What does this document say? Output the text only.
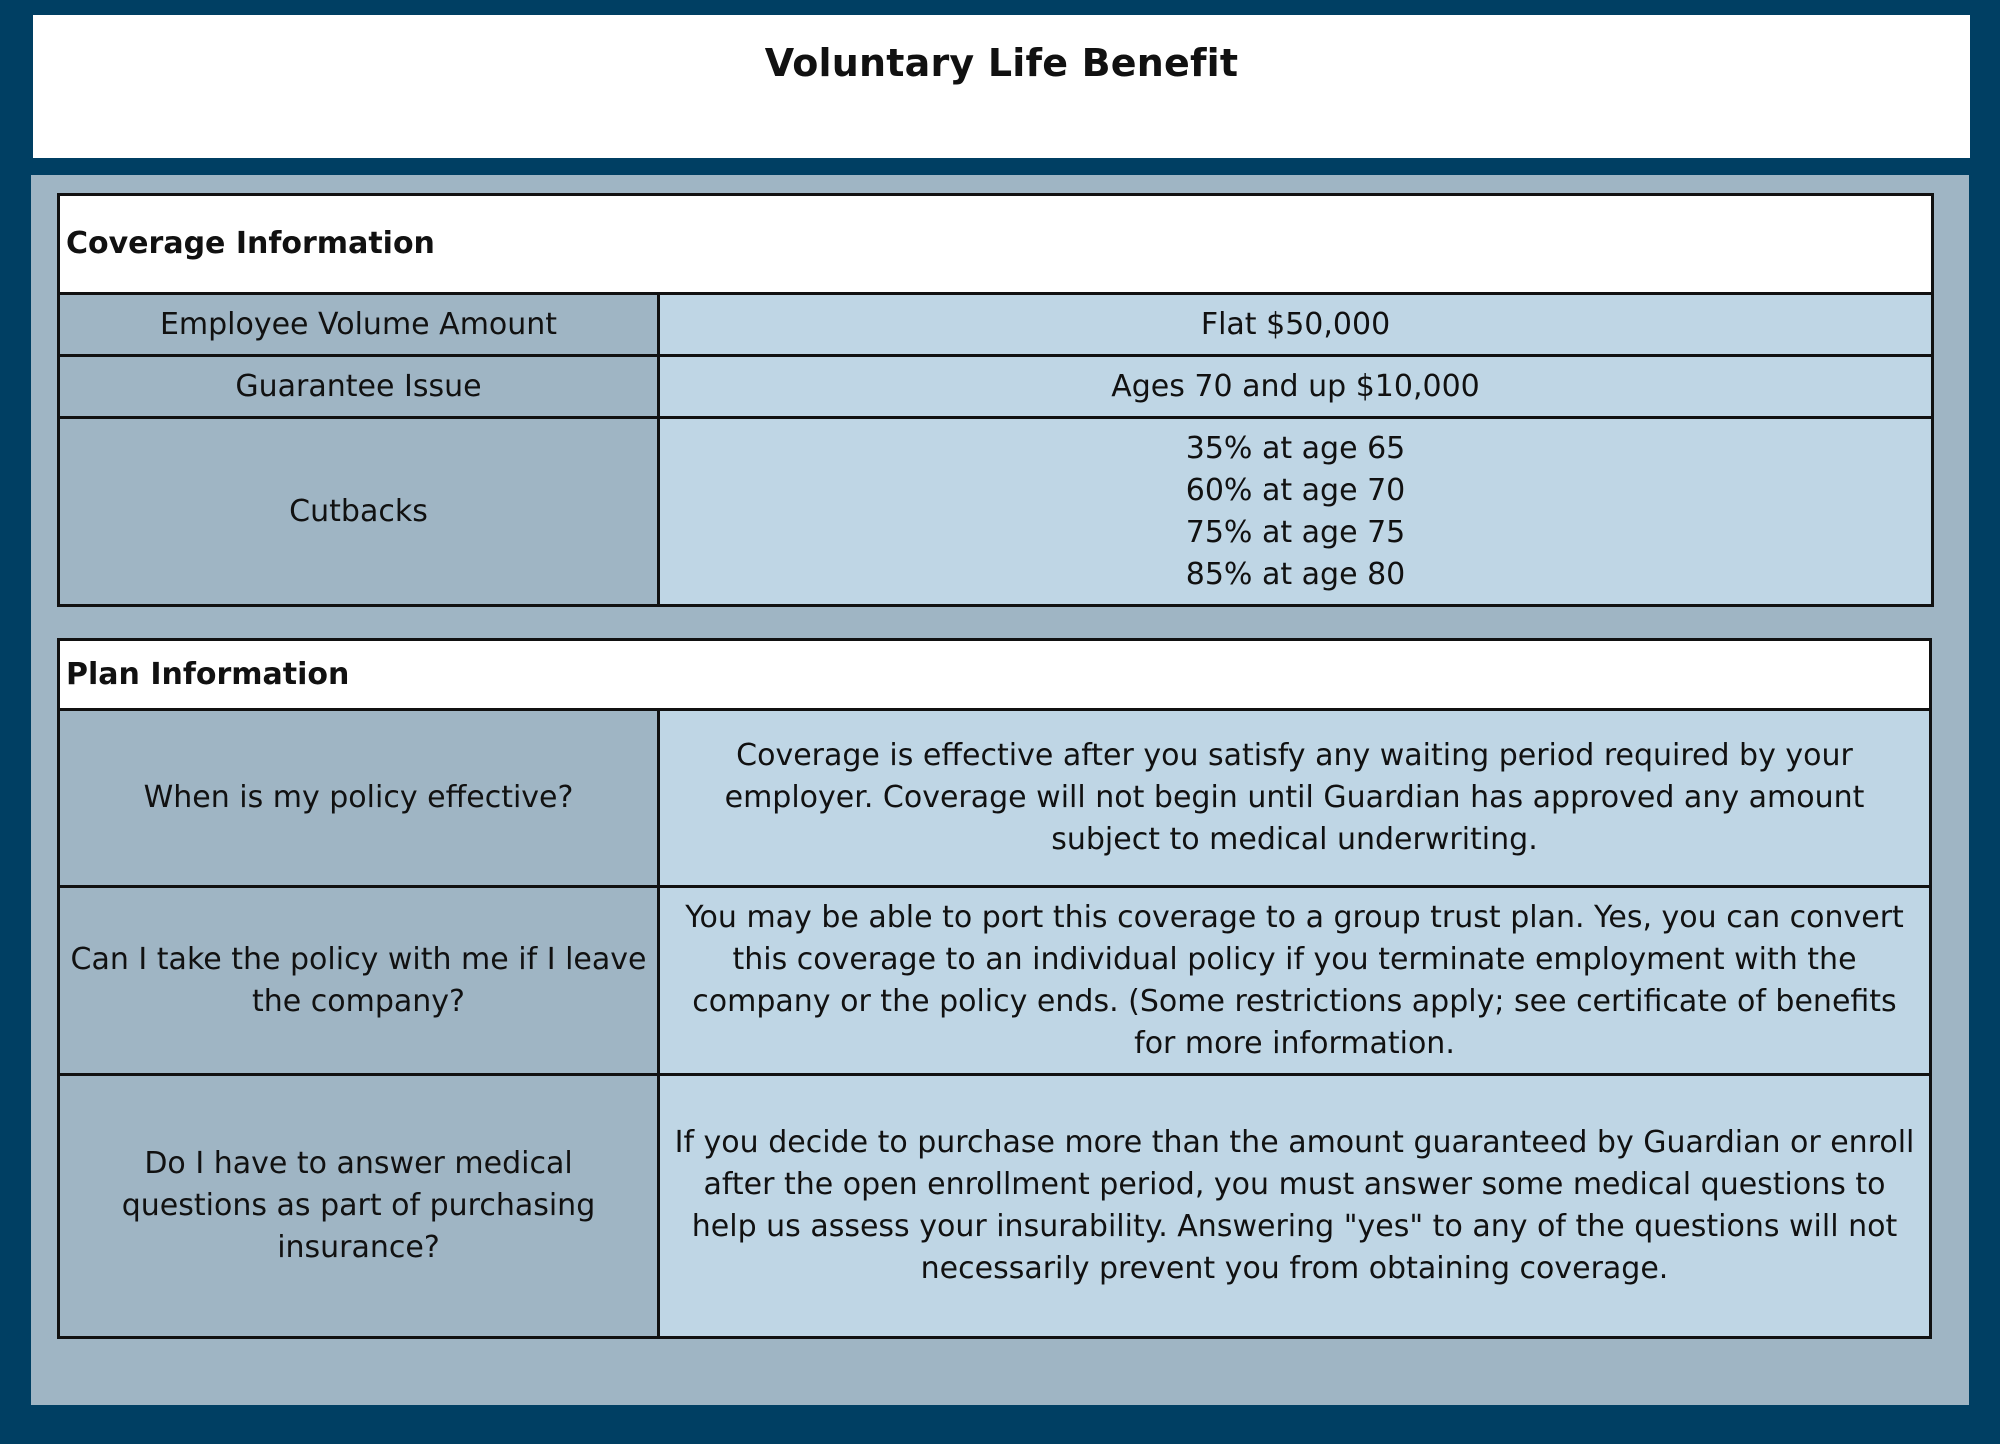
Voluntary Life Benefit
Coverage Information	
Employee Volume Amount	Flat $50,000
Guarantee Issue	Ages 70 and up $10,000
Cutbacks	35% at age 65
60% at age 70
75% at age 75
85% at age 80
Plan Information	
When is my policy effective?	Coverage is effective after you satisfy any waiting period required by your employer. Coverage will not begin until Guardian has approved any amount subject to medical underwriting.
Can I take the policy with me if I leave the company?	You may be able to port this coverage to a group trust plan. Yes, you can convert this coverage to an individual policy if you terminate employment with the company or the policy ends. (Some restrictions apply; see certificate of benefits for more information.
Do I have to answer medical questions as part of purchasing insurance?	If you decide to purchase more than the amount guaranteed by Guardian or enroll after the open enrollment period, you must answer some medical questions to help us assess your insurability. Answering "yes" to any of the questions will not necessarily prevent you from obtaining coverage.
